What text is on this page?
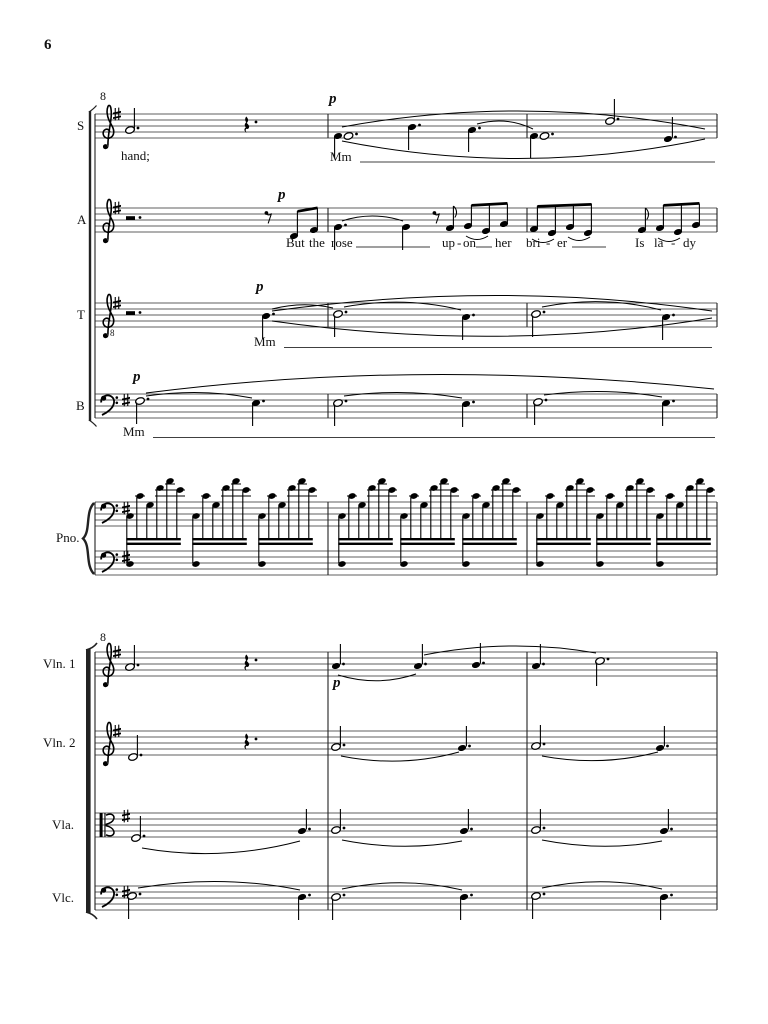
6
8
8
S
A
T
B
Pno.
Vln. 1
Vln. 2
Vla.
Vlc.
8
p
p
p
p
p
hand;	Mm
But the rose	up - on her bri - er	Is la - dy
Mm
Mm
